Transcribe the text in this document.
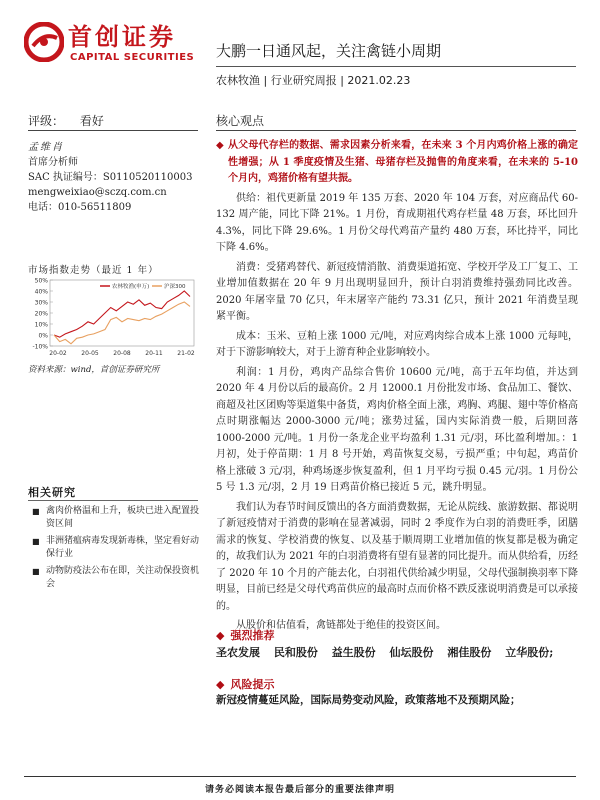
首创证券
CAPITAL SECURITIES 大鹏一日通风起，关注禽链小周期
农林牧渔 | 行业研究周报 | 2021.02.23
评级： 看好	核心观点
孟维肖
首席分析师
SAC 执证编号：S0110520110003
mengweixiao@sczq.com.cn
电话：010-56511809
市场指数走势（最近 1 年）
50%
40%
30%
20%
10%
0%
-10%
20-02 20-05 20-08 20-11 21-02
农林牧渔(申万)	沪深300
资料来源：wind，首创证券研究所
相关研究
■ 禽肉价格温和上升，板块已进入配置投资区间
■ 非洲猪瘟病毒发现新毒株，坚定看好动保行业
■ 动物防疫法公布在即，关注动保投资机会

◆ 从父母代存栏的数据、需求因素分析来看，在未来 3 个月内鸡价格上涨的确定性增强；从 1 季度疫情及生猪、母猪存栏及抛售的角度来看，在未来的 5-10 个月内，鸡猪价格有望共振。

供给：祖代更新量 2019 年 135 万套、2020 年 104 万套，对应商品代 60-132 周产能，同比下降 21%。1 月份，育成期祖代鸡存栏量 48 万套，环比回升 4.3%，同比下降 29.6%。1 月份父母代鸡苗产量约 480 万套，环比持平，同比下降 4.6%。

消费：受猪鸡替代、新冠疫情消散、消费渠道拓宽、学校开学及工厂复工、工业增加值数据在 20 年 9 月出现明显回升，预计白羽消费维持强劲同比改善。2020 年屠宰量 70 亿只，年末屠宰产能约 73.31 亿只，预计 2021 年消费呈现紧平衡。

成本：玉米、豆粕上涨 1000 元/吨，对应鸡肉综合成本上涨 1000 元每吨，对于下游影响较大，对于上游育种企业影响较小。

利润：1 月份，鸡肉产品综合售价 10600 元/吨，高于五年均值，并达到 2020 年 4 月份以后的最高价。2 月 12000.1 月份批发市场、食品加工、餐饮、商超及社区团购等渠道集中备货，鸡肉价格全面上涨，鸡胸、鸡腿、翅中等价格高点时期涨幅达 2000-3000 元/吨；涨势过猛，国内实际消费一般，后期回落 1000-2000 元/吨。1 月份一条龙企业平均盈利 1.31 元/羽，环比盈利增加。：1 月初，处于停苗期：1 月 8 号开始，鸡苗恢复交易，亏损严重；中旬起，鸡苗价格上涨破 3 元/羽，种鸡场逐步恢复盈利，但 1 月平均亏损 0.45 元/羽。1 月份公 5 号 1.3 元/羽，2 月 19 日鸡苗价格已接近 5 元，跳升明显。

我们认为春节时间反馈出的各方面消费数据，无论从院线、旅游数据、都说明了新冠疫情对于消费的影响在显著减弱，同时 2 季度作为白羽的消费旺季，团膳需求的恢复、学校消费的恢复、以及基于顺周期工业增加值的恢复都是极为确定的，故我们认为 2021 年的白羽消费将有望有显著的同比提升。而从供给看，历经了 2020 年 10 个月的产能去化，白羽祖代供给减少明显，父母代强制换羽率下降明显，目前已经是父母代鸡苗供应的最高时点而价格不跌反涨说明消费是可以承接的。

从股价和估值看，禽链都处于绝佳的投资区间。

◆ 强烈推荐
圣农发展 民和股份 益生股份 仙坛股份 湘佳股份 立华股份;
◆ 风险提示
新冠疫情蔓延风险，国际局势变动风险，政策落地不及预期风险；
请务必阅读本报告最后部分的重要法律声明
